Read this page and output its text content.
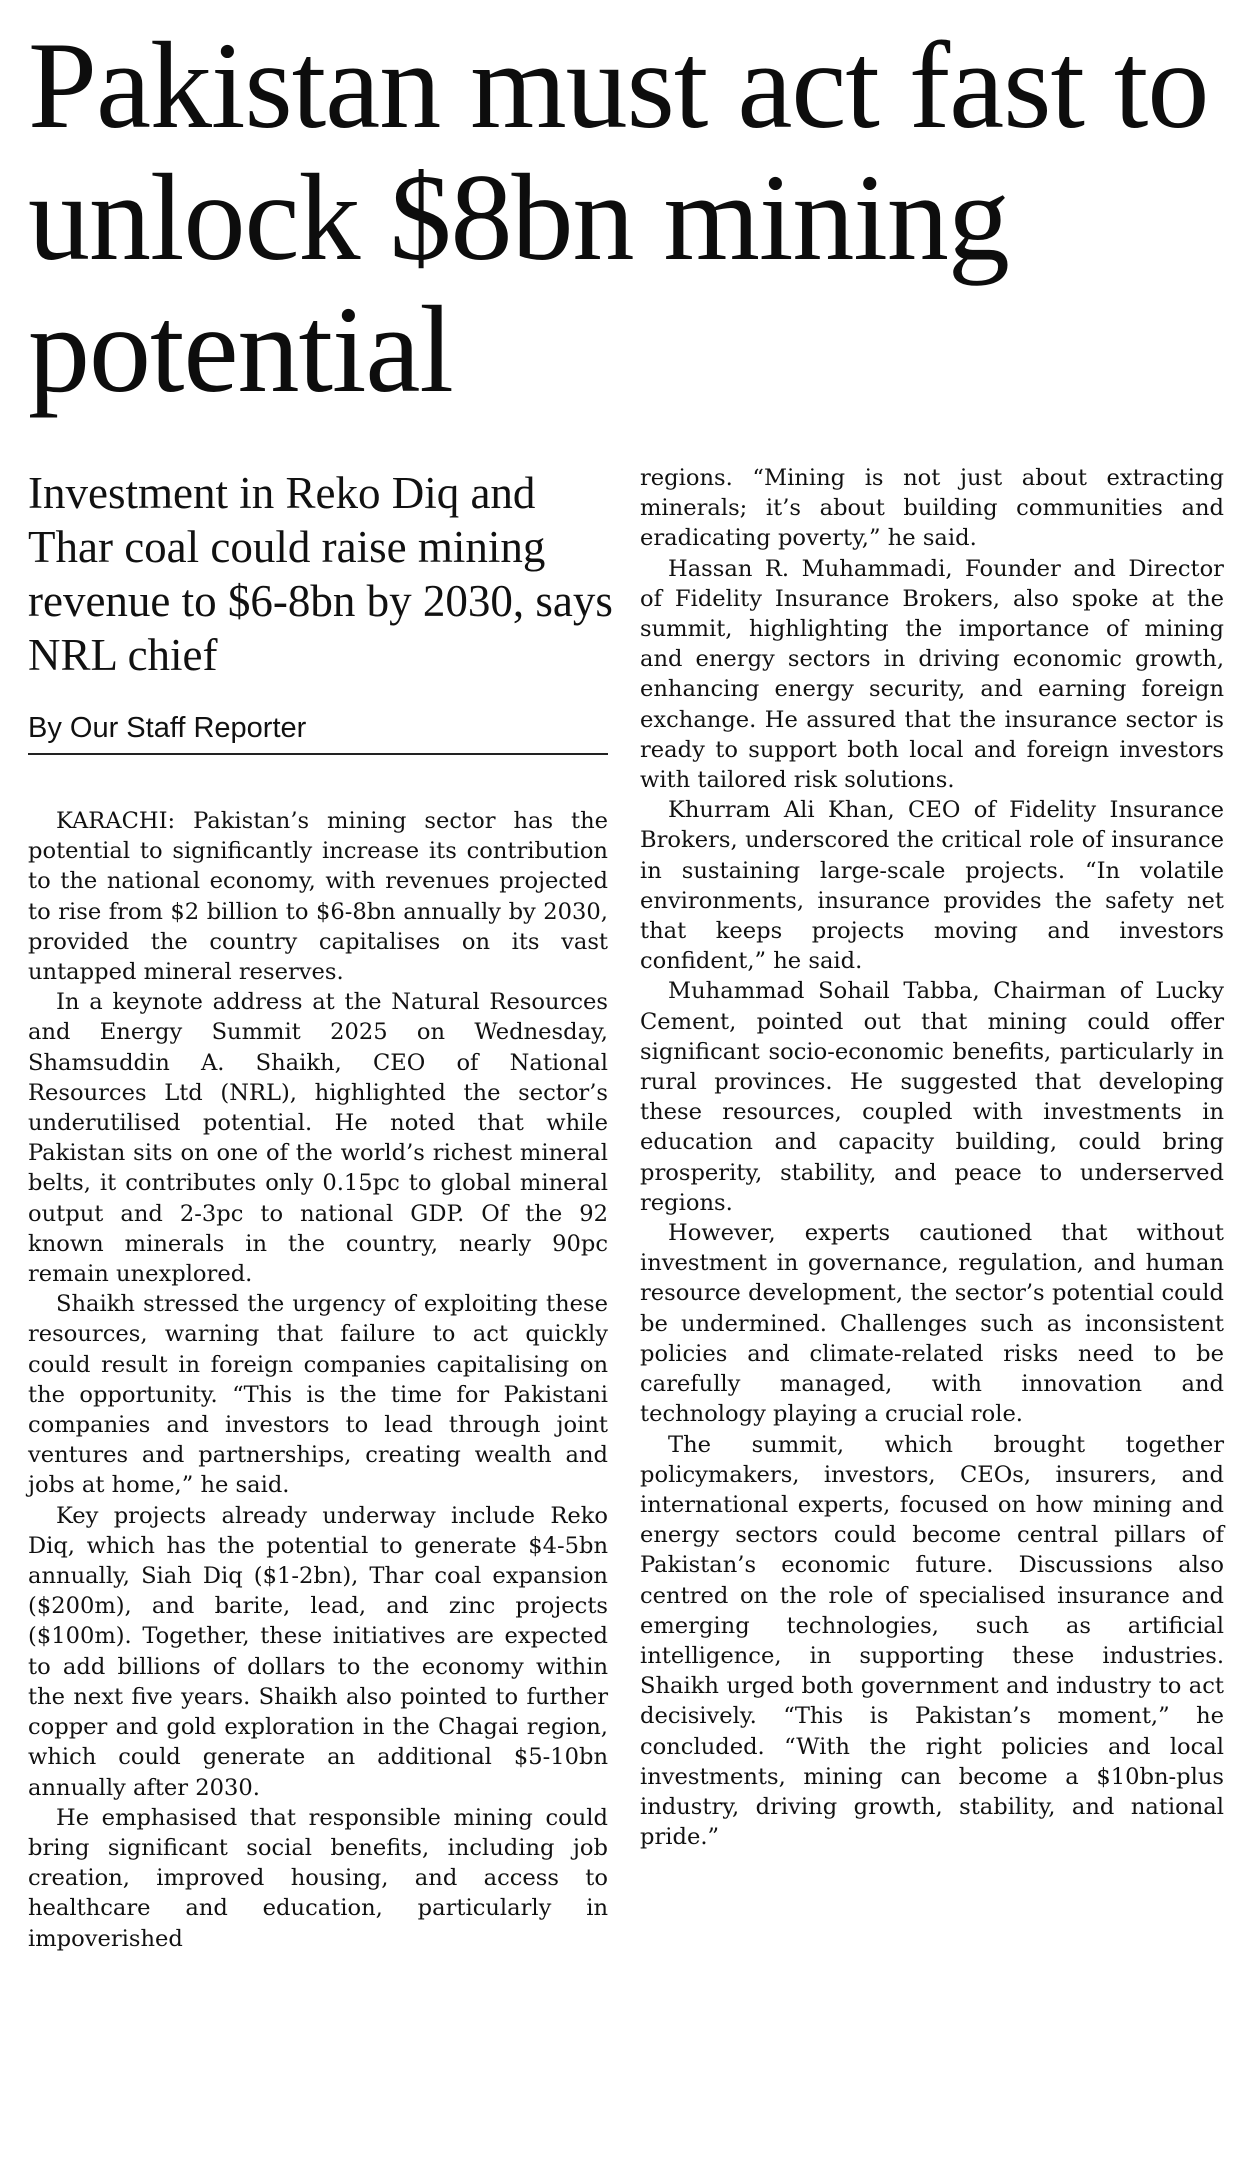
Pakistan must act fast to unlock $8bn mining potential
Investment in Reko Diq and Thar coal could raise mining revenue to $6-8bn by 2030, says NRL chief
By Our Staff Reporter

KARACHI: Pakistan’s mining sector has the potential to significantly increase its contribution to the national economy, with revenues projected to rise from $2 billion to $6-8bn annually by 2030, provided the country capitalises on its vast untapped mineral reserves.

In a keynote address at the Natural Resources and Energy Summit 2025 on Wednesday, Shamsuddin A. Shaikh, CEO of National Resources Ltd (NRL), highlighted the sector’s underutilised potential. He noted that while Pakistan sits on one of the world’s richest mineral belts, it contributes only 0.15pc to global mineral output and 2-3pc to national GDP. Of the 92 known minerals in the country, nearly 90pc remain unexplored.

Shaikh stressed the urgency of exploiting these resources, warning that failure to act quickly could result in foreign companies capitalising on the opportunity. “This is the time for Pakistani companies and investors to lead through joint ventures and partnerships, creating wealth and jobs at home,” he said.

Key projects already underway include Reko Diq, which has the potential to generate $4-5bn annually, Siah Diq ($1-2bn), Thar coal expansion ($200m), and barite, lead, and zinc projects ($100m). Together, these initiatives are expected to add billions of dollars to the economy within the next five years. Shaikh also pointed to further copper and gold exploration in the Chagai region, which could generate an additional $5-10bn annually after 2030.

He emphasised that responsible mining could bring significant social benefits, including job creation, improved housing, and access to healthcare and education, particularly in impoverished

regions. “Mining is not just about extracting minerals; it’s about building communities and eradicating poverty,” he said.

Hassan R. Muhammadi, Founder and Director of Fidelity Insurance Brokers, also spoke at the summit, highlighting the importance of mining and energy sectors in driving economic growth, enhancing energy security, and earning foreign exchange. He assured that the insurance sector is ready to support both local and foreign investors with tailored risk solutions.

Khurram Ali Khan, CEO of Fidelity Insurance Brokers, underscored the critical role of insurance in sustaining large-scale projects. “In volatile environments, insurance provides the safety net that keeps projects moving and investors confident,” he said.

Muhammad Sohail Tabba, Chairman of Lucky Cement, pointed out that mining could offer significant socio-economic benefits, particularly in rural provinces. He suggested that developing these resources, coupled with investments in education and capacity building, could bring prosperity, stability, and peace to underserved regions.

However, experts cautioned that without investment in governance, regulation, and human resource development, the sector’s potential could be undermined. Challenges such as inconsistent policies and climate-related risks need to be carefully managed, with innovation and technology playing a crucial role.

The summit, which brought together policymakers, investors, CEOs, insurers, and international experts, focused on how mining and energy sectors could become central pillars of Pakistan’s economic future. Discussions also centred on the role of specialised insurance and emerging technologies, such as artificial intelligence, in supporting these industries. Shaikh urged both government and industry to act decisively. “This is Pakistan’s moment,” he concluded. “With the right policies and local investments, mining can become a $10bn-plus industry, driving growth, stability, and national pride.”
